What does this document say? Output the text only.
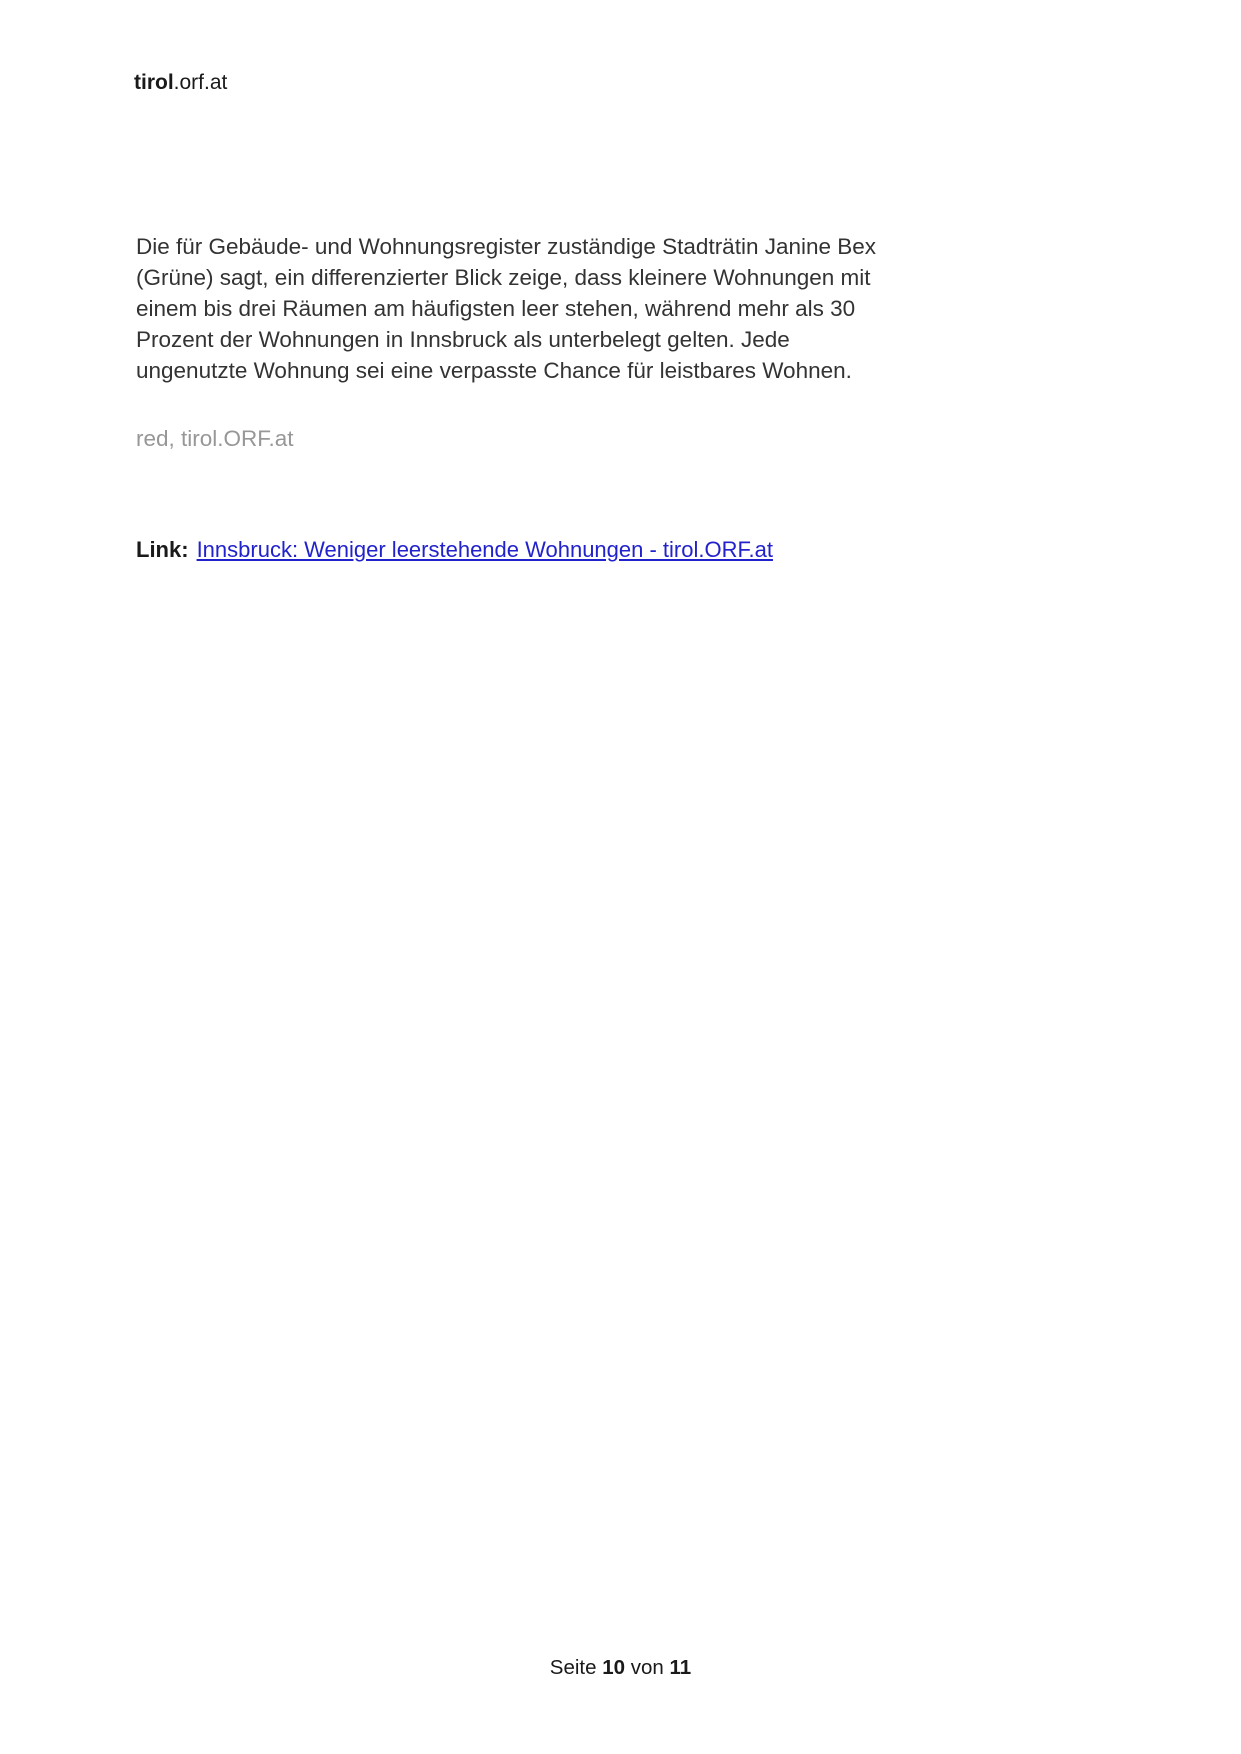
tirol.orf.at
Die für Gebäude- und Wohnungsregister zuständige Stadträtin Janine Bex
(Grüne) sagt, ein differenzierter Blick zeige, dass kleinere Wohnungen mit
einem bis drei Räumen am häufigsten leer stehen, während mehr als 30
Prozent der Wohnungen in Innsbruck als unterbelegt gelten. Jede
ungenutzte Wohnung sei eine verpasste Chance für leistbares Wohnen.
red, tirol.ORF.at
Link: Innsbruck: Weniger leerstehende Wohnungen - tirol.ORF.at
Seite 10 von 11
